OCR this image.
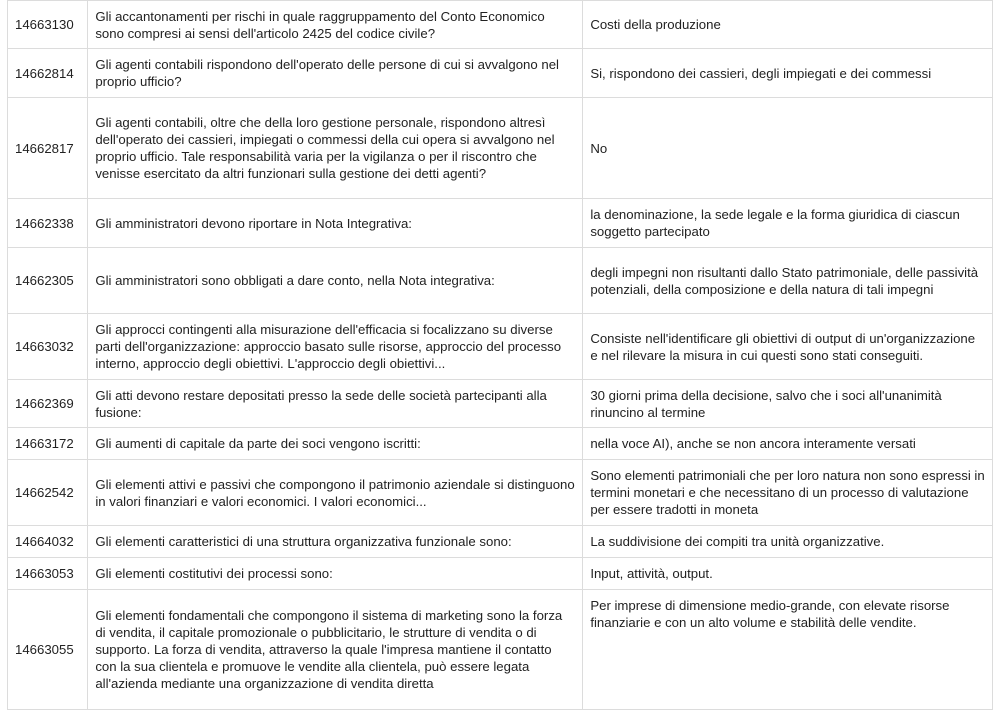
14663130	Gli accantonamenti per rischi in quale raggruppamento del Conto Economico sono compresi ai sensi dell'articolo 2425 del codice civile?	Costi della produzione
14662814	Gli agenti contabili rispondono dell'operato delle persone di cui si avvalgono nel proprio ufficio?	Si, rispondono dei cassieri, degli impiegati e dei commessi
14662817	Gli agenti contabili, oltre che della loro gestione personale, rispondono altresì dell'operato dei cassieri, impiegati o commessi della cui opera si avvalgono nel proprio ufficio. Tale responsabilità varia per la vigilanza o per il riscontro che venisse esercitato da altri funzionari sulla gestione dei detti agenti?	No
14662338	Gli amministratori devono riportare in Nota Integrativa:	la denominazione, la sede legale e la forma giuridica di ciascun soggetto partecipato
14662305	Gli amministratori sono obbligati a dare conto, nella Nota integrativa:	degli impegni non risultanti dallo Stato patrimoniale, delle passività potenziali, della composizione e della natura di tali impegni
14663032	Gli approcci contingenti alla misurazione dell'efficacia si focalizzano su diverse parti dell'organizzazione: approccio basato sulle risorse, approccio del processo interno, approccio degli obiettivi. L'approccio degli obiettivi...	Consiste nell'identificare gli obiettivi di output di un'organizzazione e nel rilevare la misura in cui questi sono stati conseguiti.
14662369	Gli atti devono restare depositati presso la sede delle società partecipanti alla fusione:	30 giorni prima della decisione, salvo che i soci all'unanimità rinuncino al termine
14663172	Gli aumenti di capitale da parte dei soci vengono iscritti:	nella voce AI), anche se non ancora interamente versati
14662542	Gli elementi attivi e passivi che compongono il patrimonio aziendale si distinguono in valori finanziari e valori economici. I valori economici...	Sono elementi patrimoniali che per loro natura non sono espressi in termini monetari e che necessitano di un processo di valutazione per essere tradotti in moneta
14664032	Gli elementi caratteristici di una struttura organizzativa funzionale sono:	La suddivisione dei compiti tra unità organizzative.
14663053	Gli elementi costitutivi dei processi sono:	Input, attività, output.
14663055	Gli elementi fondamentali che compongono il sistema di marketing sono la forza di vendita, il capitale promozionale o pubblicitario, le strutture di vendita o di supporto. La forza di vendita, attraverso la quale l'impresa mantiene il contatto con la sua clientela e promuove le vendite alla clientela, può essere legata all'azienda mediante una organizzazione di vendita diretta	Per imprese di dimensione medio-grande, con elevate risorse finanziarie e con un alto volume e stabilità delle vendite.
